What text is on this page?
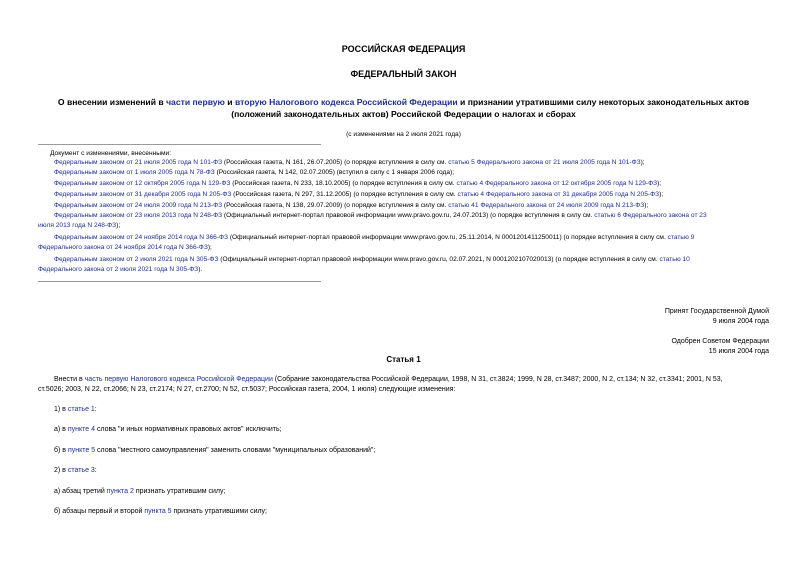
РОССИЙСКАЯ ФЕДЕРАЦИЯ
ФЕДЕРАЛЬНЫЙ ЗАКОН
О внесении изменений в части первую и вторую Налогового кодекса Российской Федерации и признании утратившими силу некоторых законодательных актов
(положений законодательных актов) Российской Федерации о налогах и сборах
(с изменениями на 2 июля 2021 года)
Документ с изменениями, внесенными:
Федеральным законом от 21 июля 2005 года N 101-ФЗ (Российская газета, N 161, 26.07.2005) (о порядке вступления в силу см. статью 5 Федерального закона от 21 июля 2005 года N 101-ФЗ);
Федеральным законом от 1 июля 2005 года N 78-ФЗ (Российская газета, N 142, 02.07.2005) (вступил в силу с 1 января 2006 года);
Федеральным законом от 12 октября 2005 года N 129-ФЗ (Российская газета, N 233, 18.10.2005) (о порядке вступления в силу см. статью 4 Федерального закона от 12 октября 2005 года N 129-ФЗ);
Федеральным законом от 31 декабря 2005 года N 205-ФЗ (Российская газета, N 297, 31.12.2005) (о порядке вступления в силу см. статью 4 Федерального закона от 31 декабря 2005 года N 205-ФЗ);
Федеральным законом от 24 июля 2009 года N 213-ФЗ (Российская газета, N 138, 29.07.2009) (о порядке вступления в силу см. статью 41 Федерального закона от 24 июля 2009 года N 213-ФЗ);
Федеральным законом от 23 июля 2013 года N 248-ФЗ (Официальный интернет-портал правовой информации www.pravo.gov.ru, 24.07.2013) (о порядке вступления в силу см. статью 6 Федерального закона от 23
июля 2013 года N 248-ФЗ);
Федеральным законом от 24 ноября 2014 года N 366-ФЗ (Официальный интернет-портал правовой информации www.pravo.gov.ru, 25.11.2014, N 0001201411250011) (о порядке вступления в силу см. статью 9
Федерального закона от 24 ноября 2014 года N 366-ФЗ);
Федеральным законом от 2 июля 2021 года N 305-ФЗ (Официальный интернет-портал правовой информации www.pravo.gov.ru, 02.07.2021, N 0001202107020013) (о порядке вступления в силу см. статью 10
Федерального закона от 2 июля 2021 года N 305-ФЗ).
Принят Государственной Думой
9 июля 2004 года
Одобрен Советом Федерации
15 июля 2004 года
Статья 1
Внести в часть первую Налогового кодекса Российской Федерации (Собрание законодательства Российской Федерации, 1998, N 31, ст.3824; 1999, N 28, ст.3487; 2000, N 2, ст.134; N 32, ст.3341; 2001, N 53,
ст.5026; 2003, N 22, ст.2066; N 23, ст.2174; N 27, ст.2700; N 52, ст.5037; Российская газета, 2004, 1 июля) следующие изменения:
1) в статье 1:
а) в пункте 4 слова "и иных нормативных правовых актов" исключить;
б) в пункте 5 слова "местного самоуправления" заменить словами "муниципальных образований";
2) в статье 3:
а) абзац третий пункта 2 признать утратившим силу;
б) абзацы первый и второй пункта 5 признать утратившими силу;
